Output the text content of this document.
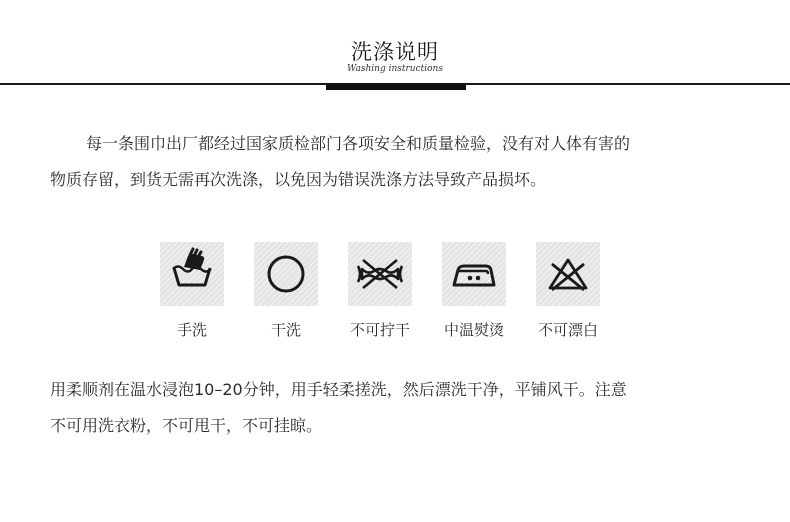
洗涤说明
Washing instructions
每一条围巾出厂都经过国家质检部门各项安全和质量检验，没有对人体有害的
物质存留，到货无需再次洗涤，以免因为错误洗涤方法导致产品损坏。
手洗	干洗	不可拧干	中温熨烫	不可漂白
用柔顺剂在温水浸泡10–20分钟，用手轻柔搓洗，然后漂洗干净，平铺风干。注意
不可用洗衣粉，不可甩干，不可挂晾。
